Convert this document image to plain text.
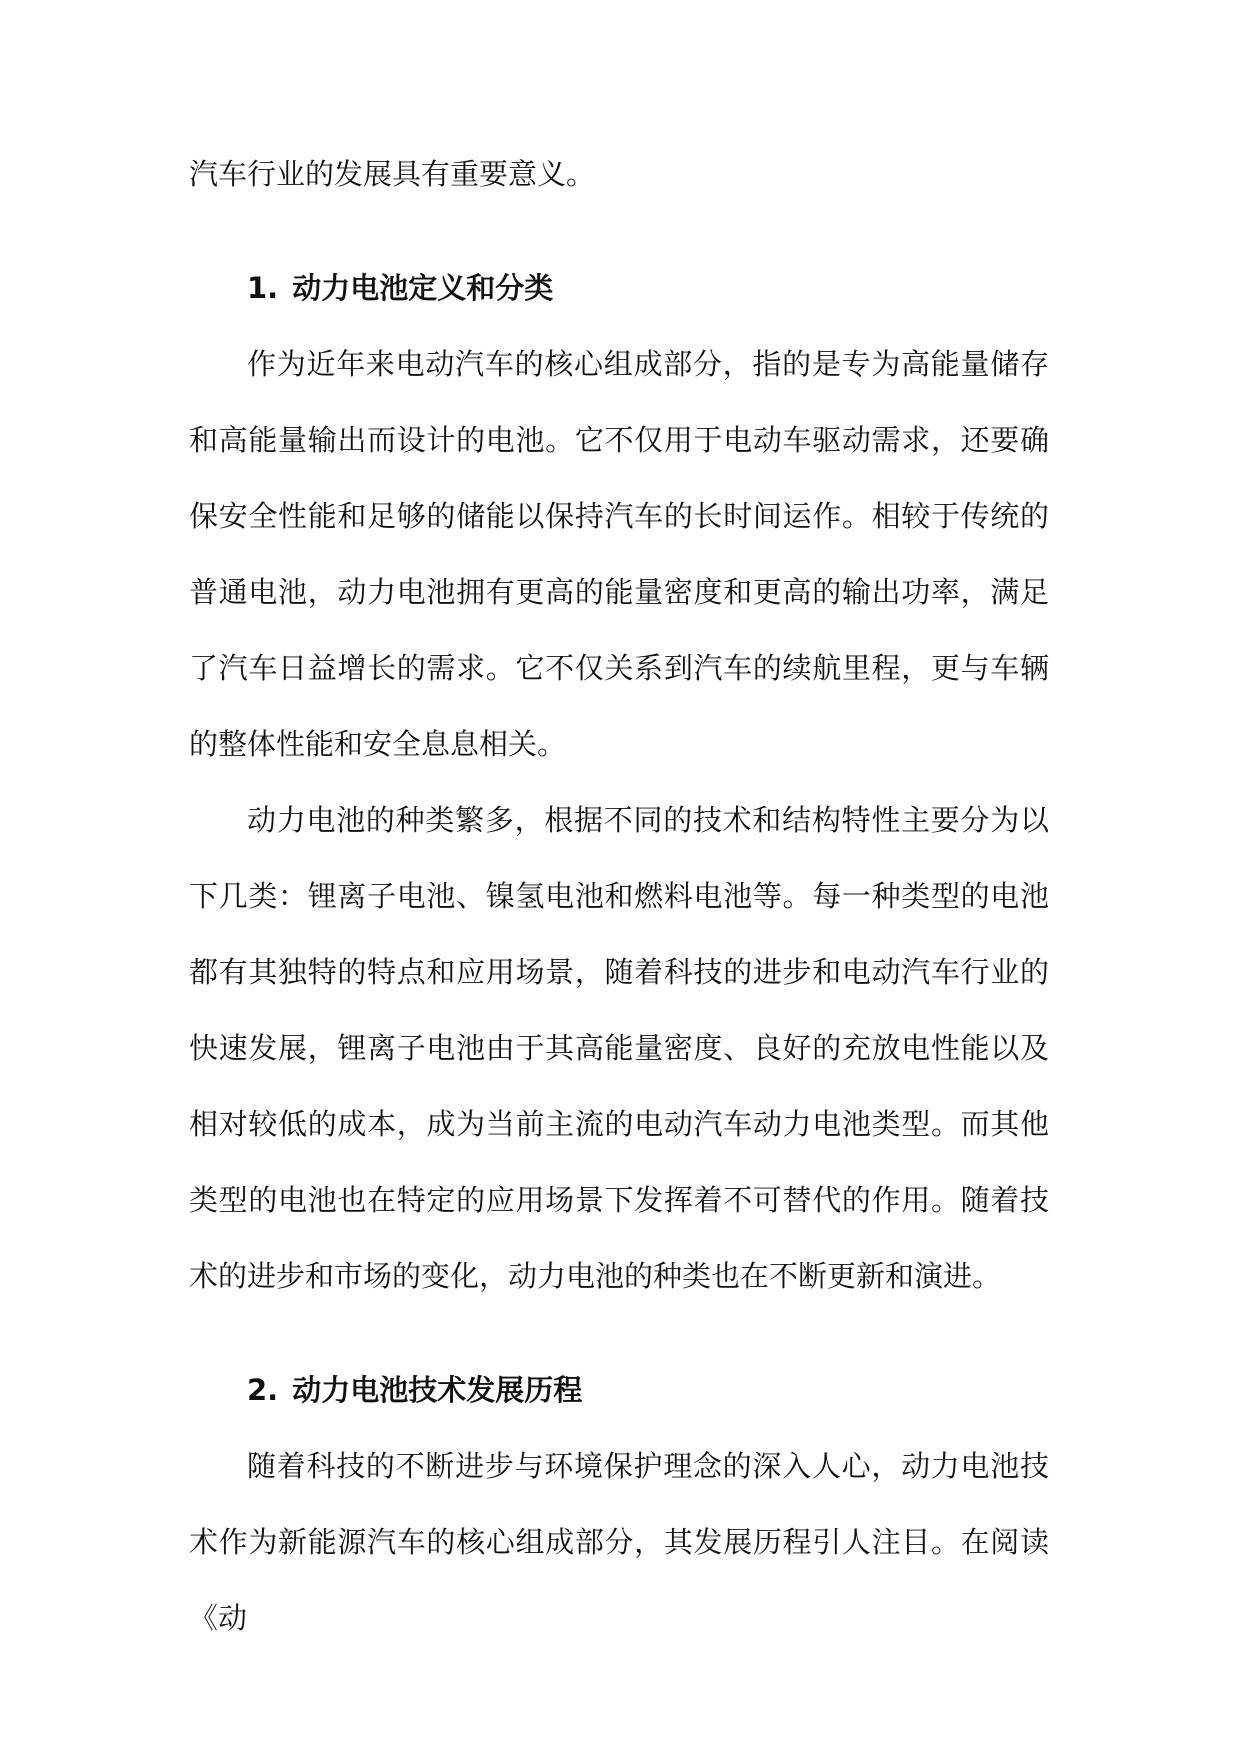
汽车行业的发展具有重要意义。

1. 动力电池定义和分类

作为近年来电动汽车的核心组成部分，指的是专为高能量储存和高能量输出而设计的电池。它不仅用于电动车驱动需求，还要确保安全性能和足够的储能以保持汽车的长时间运作。相较于传统的普通电池，动力电池拥有更高的能量密度和更高的输出功率，满足了汽车日益增长的需求。它不仅关系到汽车的续航里程，更与车辆的整体性能和安全息息相关。

动力电池的种类繁多，根据不同的技术和结构特性主要分为以下几类：锂离子电池、镍氢电池和燃料电池等。每一种类型的电池都有其独特的特点和应用场景，随着科技的进步和电动汽车行业的快速发展，锂离子电池由于其高能量密度、良好的充放电性能以及相对较低的成本，成为当前主流的电动汽车动力电池类型。而其他类型的电池也在特定的应用场景下发挥着不可替代的作用。随着技术的进步和市场的变化，动力电池的种类也在不断更新和演进。

2. 动力电池技术发展历程

随着科技的不断进步与环境保护理念的深入人心，动力电池技术作为新能源汽车的核心组成部分，其发展历程引人注目。在阅读《动
